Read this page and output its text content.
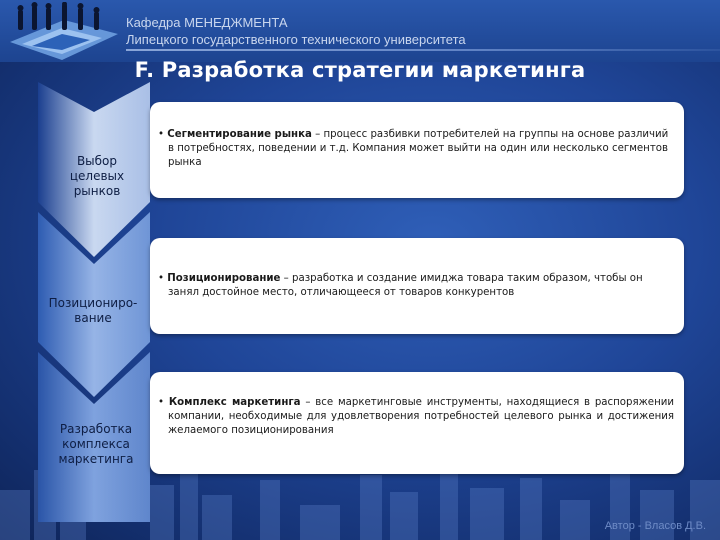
Кафедра МЕНЕДЖМЕНТА
Липецкого государственного технического университета
F. Разработка стратегии маркетинга
Выбор
целевых
рынков
Позициониро-
вание
Разработка
комплекса
маркетинга

• Сегментирование рынка – процесс разбивки потребителей на группы на основе различий в потребностях, поведении и т.д. Компания может выйти на один или несколько сегментов рынка

• Позиционирование – разработка и создание имиджа товара таким образом, чтобы он занял достойное место, отличающееся от товаров конкурентов

• Комплекс маркетинга – все маркетинговые инструменты, находящиеся в распоряжении компании, необходимые для удовлетворения потребностей целевого рынка и достижения желаемого позиционирования

Автор - Власов Д.В.
